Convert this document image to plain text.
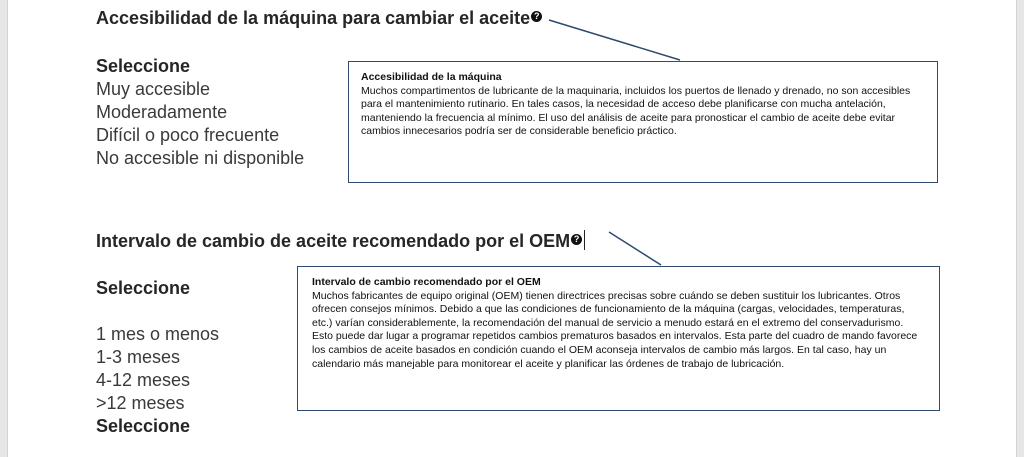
Accesibilidad de la máquina para cambiar el aceite ?
Seleccione
Muy accesible
Moderadamente
Difícil o poco frecuente
No accesible ni disponible
Accesibilidad de la máquina
Muchos compartimentos de lubricante de la maquinaria, incluidos los puertos de llenado y drenado, no son accesibles para el mantenimiento rutinario. En tales casos, la necesidad de acceso debe planificarse con mucha antelación, manteniendo la frecuencia al mínimo. El uso del análisis de aceite para pronosticar el cambio de aceite debe evitar cambios innecesarios podría ser de considerable beneficio práctico.
Intervalo de cambio de aceite recomendado por el OEM ?
Seleccione
1 mes o menos
1-3 meses
4-12 meses
>12 meses
Seleccione
Intervalo de cambio recomendado por el OEM
Muchos fabricantes de equipo original (OEM) tienen directrices precisas sobre cuándo se deben sustituir los lubricantes. Otros ofrecen consejos mínimos. Debido a que las condiciones de funcionamiento de la máquina (cargas, velocidades, temperaturas, etc.) varían considerablemente, la recomendación del manual de servicio a menudo estará en el extremo del conservadurismo. Esto puede dar lugar a programar repetidos cambios prematuros basados en intervalos. Esta parte del cuadro de mando favorece los cambios de aceite basados en condición cuando el OEM aconseja intervalos de cambio más largos. En tal caso, hay un calendario más manejable para monitorear el aceite y planificar las órdenes de trabajo de lubricación.
